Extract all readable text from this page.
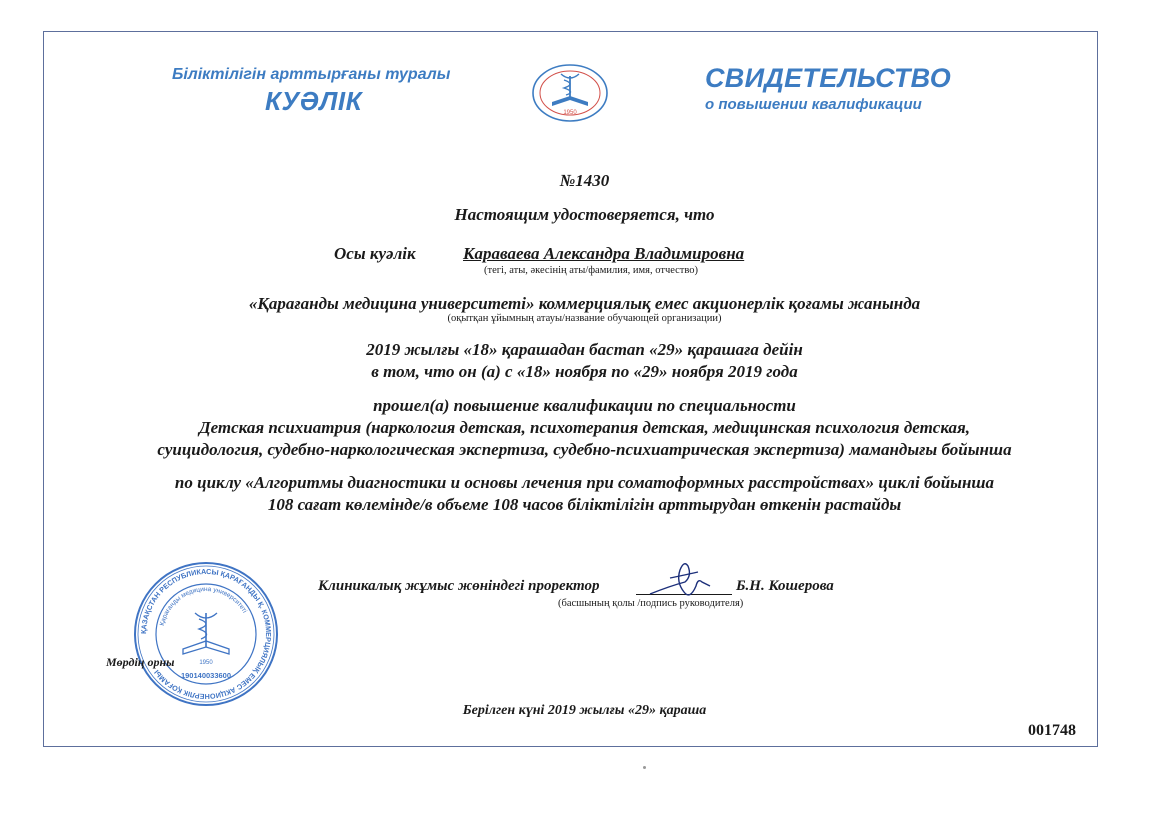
Біліктілігін арттырғаны туралы
КУӘЛІК	1950
СВИДЕТЕЛЬСТВО
о повышении квалификации
№1430
Настоящим удостоверяется, что
Осы куәлік	Караваева Александра Владимировна
(тегі, аты, әкесінің аты/фамилия, имя, отчество)
«Қарағанды медицина университеті» коммерциялық емес акционерлік қоғамы жанында
(оқытқан ұйымның атауы/название обучающей организации)
2019 жылғы «18» қарашадан бастап «29» қарашаға дейін
в том, что он (а) с «18» ноября по «29» ноября 2019 года
прошел(а) повышение квалификации по специальности
Детская психиатрия (наркология детская, психотерапия детская, медицинская психология детская,
суицидология, судебно-наркологическая экспертиза, судебно-психиатрическая экспертиза) мамандығы бойынша
по циклу «Алгоритмы диагностики и основы лечения при соматоформных расстройствах» циклі бойынша
108 сағат көлемінде/в объеме 108 часов біліктілігін арттырудан өткенін растайды
ҚАЗАҚСТАН РЕСПУБЛИКАСЫ ҚАРАҒАНДЫ Қ. КОММЕРЦИЯЛЫҚ ЕМЕС АКЦИОНЕРЛІК ҚОҒАМЫ
Қарағанды медицина университеті
1950
190140033600
Мөрдің орны
Клиникалық жұмыс жөніндегі проректор	Б.Н. Кошерова
(басшының қолы /подпись руководителя)
Берілген күні 2019 жылғы «29» қараша
001748
